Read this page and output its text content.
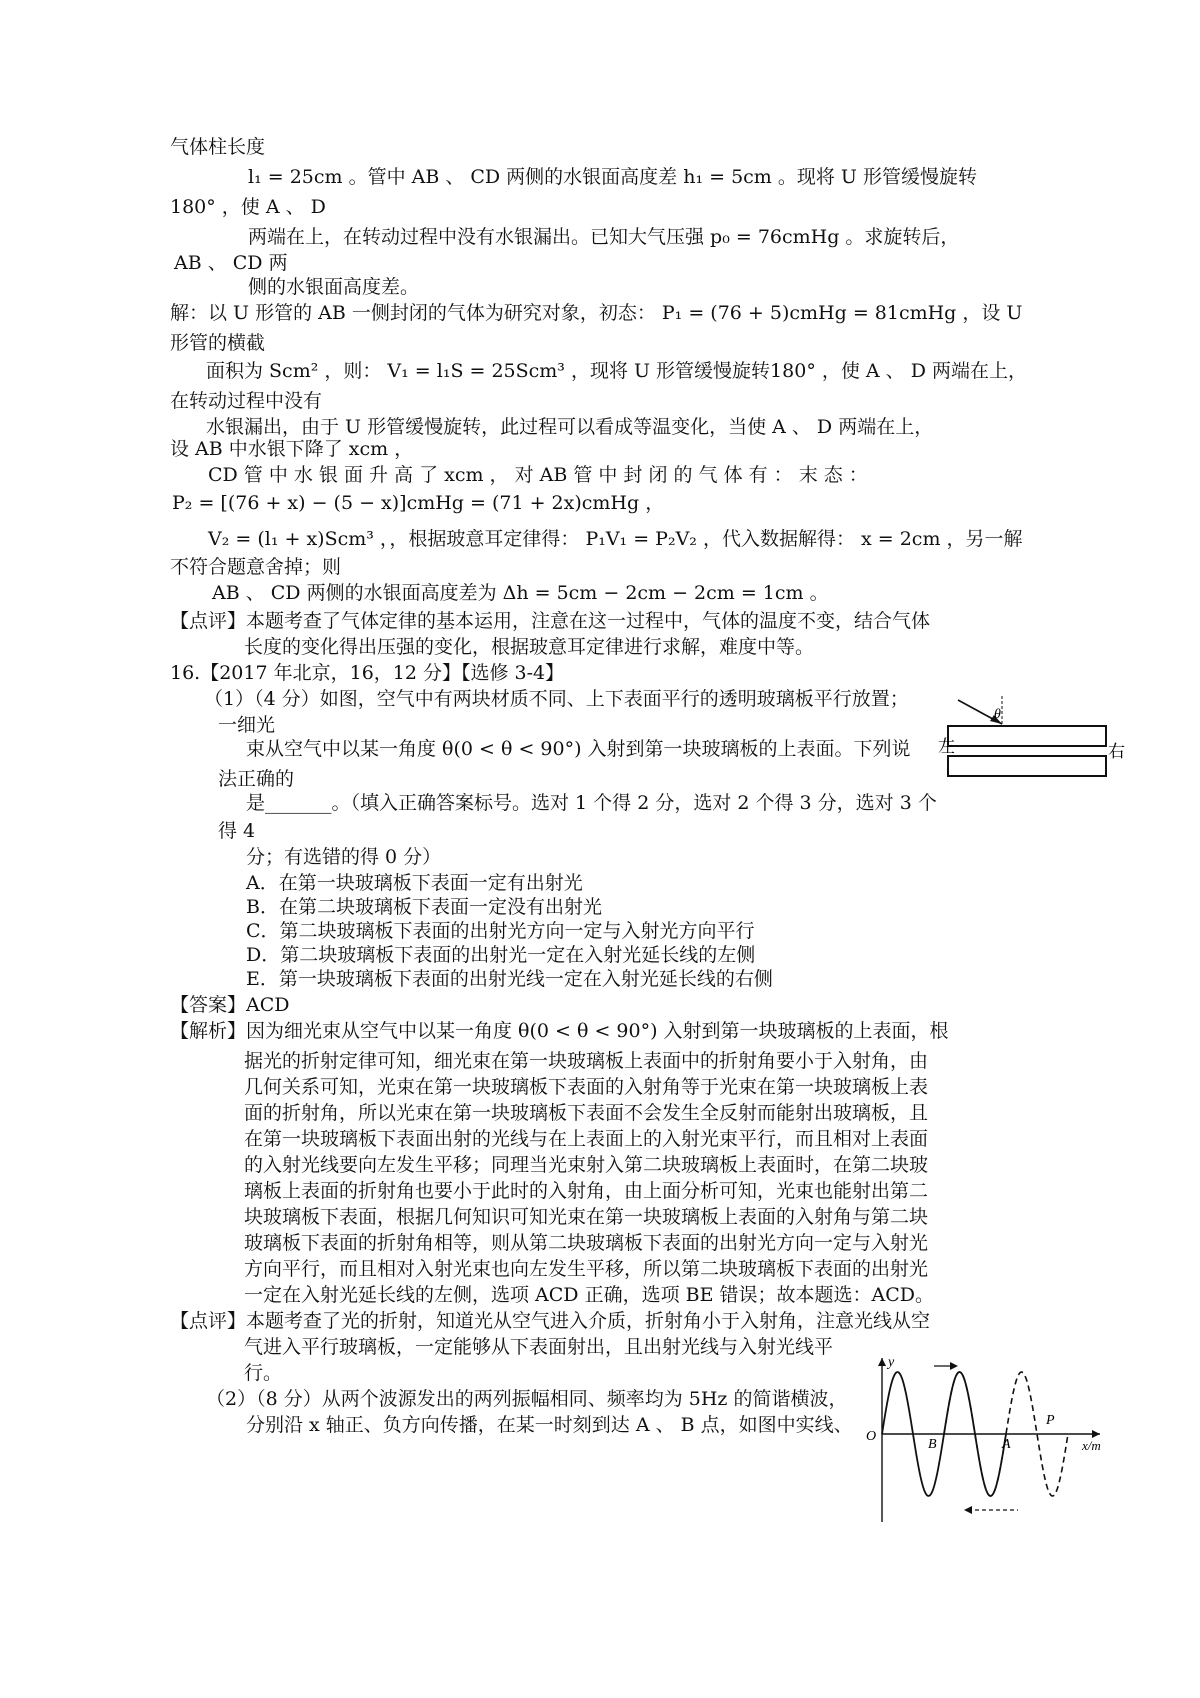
气体柱长度
l₁ = 25cm 。管中 AB 、 CD 两侧的水银面高度差 h₁ = 5cm 。现将 U 形管缓慢旋转
180° ，使 A 、 D
两端在上，在转动过程中没有水银漏出。已知大气压强 p₀ = 76cmHg 。求旋转后，
AB 、 CD 两
侧的水银面高度差。
解：以 U 形管的 AB 一侧封闭的气体为研究对象，初态： P₁ = (76 + 5)cmHg = 81cmHg ，设 U
形管的横截
面积为 Scm² ，则： V₁ = l₁S = 25Scm³ ，现将 U 形管缓慢旋转180° ，使 A 、 D 两端在上，
在转动过程中没有
水银漏出，由于 U 形管缓慢旋转，此过程可以看成等温变化，当使 A 、 D 两端在上，
设 AB 中水银下降了 xcm ，
CD 管 中 水 银 面 升 高 了 xcm ， 对 AB 管 中 封 闭 的 气 体 有 ： 末 态 ：
P₂ = [(76 + x) − (5 − x)]cmHg = (71 + 2x)cmHg ，
V₂ = (l₁ + x)Scm³ ，，根据玻意耳定律得： P₁V₁ = P₂V₂ ，代入数据解得： x = 2cm ，另一解
不符合题意舍掉；则
AB 、 CD 两侧的水银面高度差为 Δh = 5cm − 2cm − 2cm = 1cm 。
【点评】本题考查了气体定律的基本运用，注意在这一过程中，气体的温度不变，结合气体
长度的变化得出压强的变化，根据玻意耳定律进行求解，难度中等。
16.【2017 年北京，16，12 分】【选修 3-4】
（1）（4 分）如图，空气中有两块材质不同、上下表面平行的透明玻璃板平行放置；
一细光
束从空气中以某一角度 θ(0 < θ < 90°) 入射到第一块玻璃板的上表面。下列说
法正确的
是_______。（填入正确答案标号。选对 1 个得 2 分，选对 2 个得 3 分，选对 3 个
得 4
分；有选错的得 0 分）
A．在第一块玻璃板下表面一定有出射光
B．在第二块玻璃板下表面一定没有出射光
C．第二块玻璃板下表面的出射光方向一定与入射光方向平行
D．第二块玻璃板下表面的出射光一定在入射光延长线的左侧
E．第一块玻璃板下表面的出射光线一定在入射光延长线的右侧
【答案】ACD
【解析】因为细光束从空气中以某一角度 θ(0 < θ < 90°) 入射到第一块玻璃板的上表面，根
据光的折射定律可知，细光束在第一块玻璃板上表面中的折射角要小于入射角，由
几何关系可知，光束在第一块玻璃板下表面的入射角等于光束在第一块玻璃板上表
面的折射角，所以光束在第一块玻璃板下表面不会发生全反射而能射出玻璃板，且
在第一块玻璃板下表面出射的光线与在上表面上的入射光束平行，而且相对上表面
的入射光线要向左发生平移；同理当光束射入第二块玻璃板上表面时，在第二块玻
璃板上表面的折射角也要小于此时的入射角，由上面分析可知，光束也能射出第二
块玻璃板下表面，根据几何知识可知光束在第一块玻璃板上表面的入射角与第二块
玻璃板下表面的折射角相等，则从第二块玻璃板下表面的出射光方向一定与入射光
方向平行，而且相对入射光束也向左发生平移，所以第二块玻璃板下表面的出射光
一定在入射光延长线的左侧，选项 ACD 正确，选项 BE 错误；故本题选：ACD。
【点评】本题考查了光的折射，知道光从空气进入介质，折射角小于入射角，注意光线从空
气进入平行玻璃板，一定能够从下表面射出，且出射光线与入射光线平
行。
（2）（8 分）从两个波源发出的两列振幅相同、频率均为 5Hz 的简谐横波，
分别沿 x 轴正、负方向传播，在某一时刻到达 A 、 B 点，如图中实线、
θ
左	右
y
O
B	A
P
x/m
